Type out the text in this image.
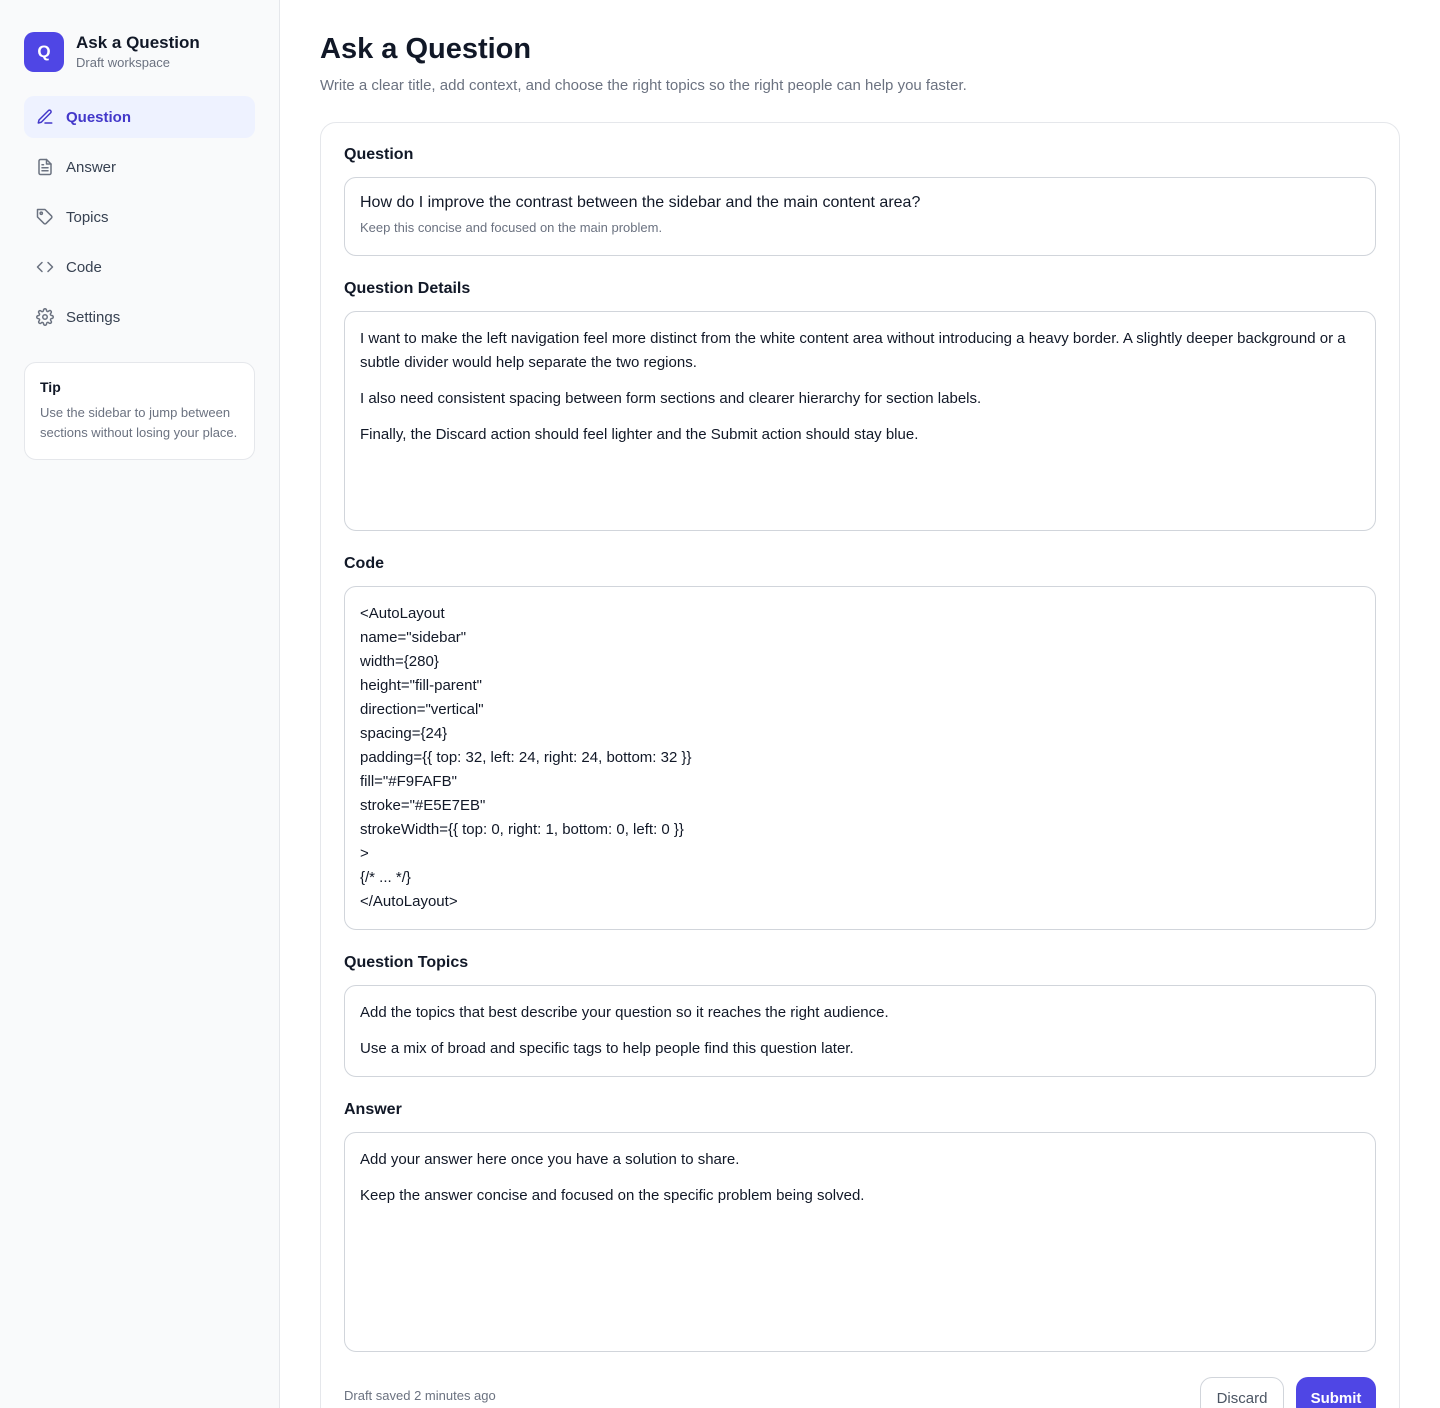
Q	Ask a Question
Draft workspace
Question
Answer
Topics
Code
Settings
Tip
Use the sidebar to jump between sections without losing your place.
Ask a Question

Write a clear title, add context, and choose the right topics so the right people can help you faster.

Question
How do I improve the contrast between the sidebar and the main content area?
Keep this concise and focused on the main problem.
Question Details

I want to make the left navigation feel more distinct from the white content area without introducing a heavy border. A slightly deeper background or a subtle divider would help separate the two regions.

I also need consistent spacing between form sections and clearer hierarchy for section labels.

Finally, the Discard action should feel lighter and the Submit action should stay blue.

Code
<AutoLayout
name="sidebar"
width={280}
height="fill-parent"
direction="vertical"
spacing={24}
padding={{ top: 32, left: 24, right: 24, bottom: 32 }}
fill="#F9FAFB"
stroke="#E5E7EB"
strokeWidth={{ top: 0, right: 1, bottom: 0, left: 0 }}
>
{/* ... */}
</AutoLayout>
Question Topics

Add the topics that best describe your question so it reaches the right audience.

Use a mix of broad and specific tags to help people find this question later.

Answer

Add your answer here once you have a solution to share.

Keep the answer concise and focused on the specific problem being solved.

Draft saved 2 minutes ago	Discard	Submit
